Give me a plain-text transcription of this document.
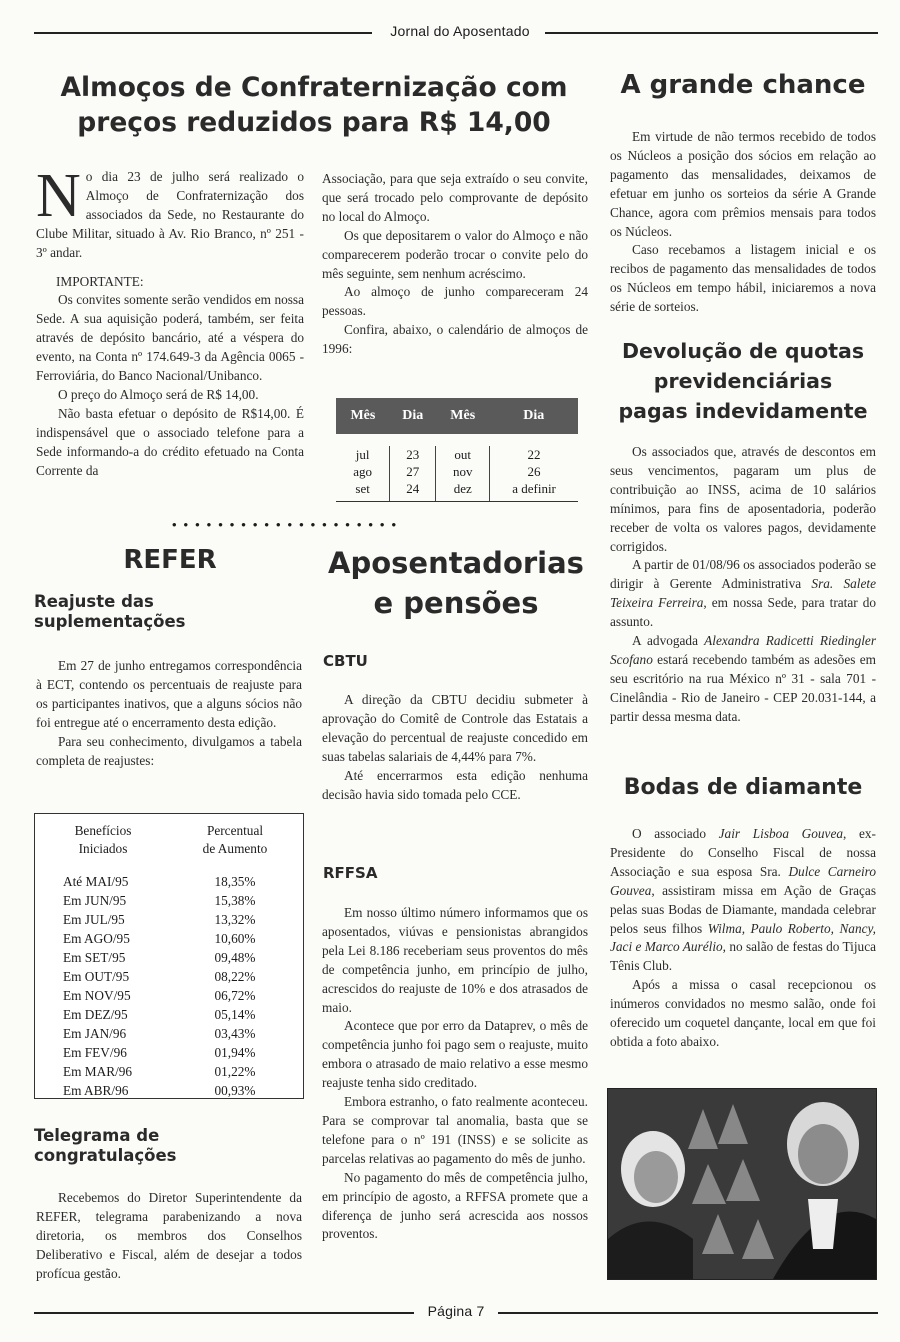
Jornal do Aposentado
Almoços de Confraternização com
preços reduzidos para R$ 14,00

No dia 23 de julho será realizado o Almoço de Confraternização dos associados da Sede, no Restaurante do Clube Militar, situado à Av. Rio Branco, nº 251 - 3º andar.

IMPORTANTE:

Os convites somente serão vendidos em nossa Sede. A sua aquisição poderá, também, ser feita através de depósito bancário, até a véspera do evento, na Conta nº 174.649-3 da Agência 0065 - Ferroviária, do Banco Nacional/Unibanco.

O preço do Almoço será de R$ 14,00.

Não basta efetuar o depósito de R$14,00. É indispensável que o associado telefone para a Sede informando-a do crédito efetuado na Conta Corrente da

Associação, para que seja extraído o seu convite, que será trocado pelo comprovante de depósito no local do Almoço.

Os que depositarem o valor do Almoço e não comparecerem poderão trocar o convite pelo do mês seguinte, sem nenhum acréscimo.

Ao almoço de junho compareceram 24 pessoas.

Confira, abaixo, o calendário de almoços de 1996:

Mês	Dia	Mês	Dia

jul	23	out	22
ago	27	nov	26
set	24	dez	a definir
••••••••••••••••••••
REFER
Reajuste das
suplementações

Em 27 de junho entregamos correspondência à ECT, contendo os percentuais de reajuste para os participantes inativos, que a alguns sócios não foi entregue até o encerramento desta edição.

Para seu conhecimento, divulgamos a tabela completa de reajustes:

Benefícios
Iniciados
Percentual
de Aumento
Até MAI/95	18,35%
Em JUN/95	15,38%
Em JUL/95	13,32%
Em AGO/95	10,60%
Em SET/95	09,48%
Em OUT/95	08,22%
Em NOV/95	06,72%
Em DEZ/95	05,14%
Em JAN/96	03,43%
Em FEV/96	01,94%
Em MAR/96	01,22%
Em ABR/96	00,93%
Telegrama de
congratulações

Recebemos do Diretor Superintendente da REFER, telegrama parabenizando a nova diretoria, os membros dos Conselhos Deliberativo e Fiscal, além de desejar a todos profícua gestão.

Aposentadorias
e pensões
CBTU

A direção da CBTU decidiu submeter à aprovação do Comitê de Controle das Estatais a elevação do percentual de reajuste concedido em suas tabelas salariais de 4,44% para 7%.

Até encerrarmos esta edição nenhuma decisão havia sido tomada pelo CCE.

RFFSA

Em nosso último número informamos que os aposentados, viúvas e pensionistas abrangidos pela Lei 8.186 receberiam seus proventos do mês de competência junho, em princípio de julho, acrescidos do reajuste de 10% e dos atrasados de maio.

Acontece que por erro da Dataprev, o mês de competência junho foi pago sem o reajuste, muito embora o atrasado de maio relativo a esse mesmo reajuste tenha sido creditado.

Embora estranho, o fato realmente aconteceu. Para se comprovar tal anomalia, basta que se telefone para o nº 191 (INSS) e se solicite as parcelas relativas ao pagamento do mês de junho.

No pagamento do mês de competência julho, em princípio de agosto, a RFFSA promete que a diferença de junho será acrescida aos nossos proventos.

A grande chance

Em virtude de não termos recebido de todos os Núcleos a posição dos sócios em relação ao pagamento das mensalidades, deixamos de efetuar em junho os sorteios da série A Grande Chance, agora com prêmios mensais para todos os Núcleos.

Caso recebamos a listagem inicial e os recibos de pagamento das mensalidades de todos os Núcleos em tempo hábil, iniciaremos a nova série de sorteios.

Devolução de quotas
previdenciárias
pagas indevidamente

Os associados que, através de descontos em seus vencimentos, pagaram um plus de contribuição ao INSS, acima de 10 salários mínimos, para fins de aposentadoria, poderão receber de volta os valores pagos, devidamente corrigidos.

A partir de 01/08/96 os associados poderão se dirigir à Gerente Administrativa Sra. Salete Teixeira Ferreira, em nossa Sede, para tratar do assunto.

A advogada Alexandra Radicetti Riedingler Scofano estará recebendo também as adesões em seu escritório na rua México nº 31 - sala 701 - Cinelândia - Rio de Janeiro - CEP 20.031-144, a partir dessa mesma data.

Bodas de diamante

O associado Jair Lisboa Gouvea, ex-Presidente do Conselho Fiscal de nossa Associação e sua esposa Sra. Dulce Carneiro Gouvea, assistiram missa em Ação de Graças pelas suas Bodas de Diamante, mandada celebrar pelos seus filhos Wilma, Paulo Roberto, Nancy, Jaci e Marco Aurélio, no salão de festas do Tijuca Tênis Club.

Após a missa o casal recepcionou os inúmeros convidados no mesmo salão, onde foi oferecido um coquetel dançante, local em que foi obtida a foto abaixo.

Página 7
